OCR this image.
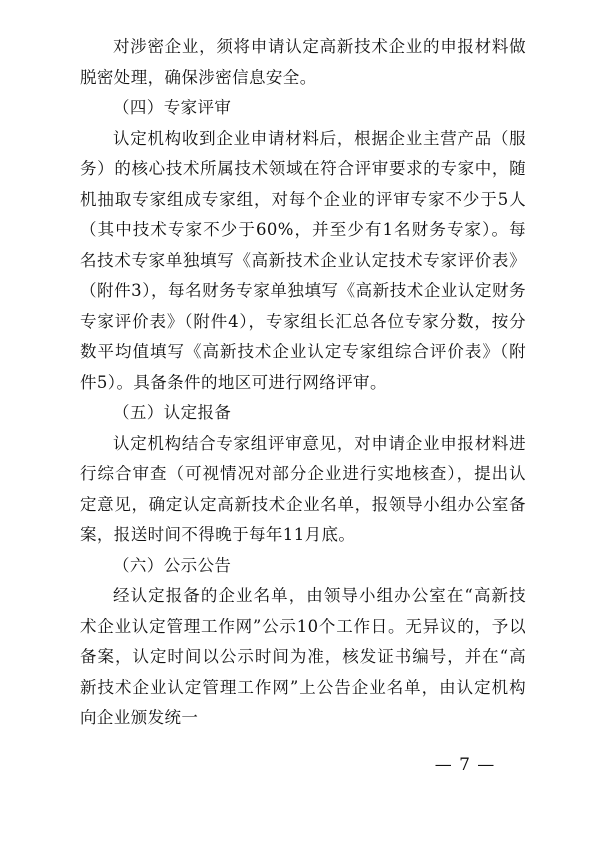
对涉密企业，须将申请认定高新技术企业的申报材料做脱密处理，确保涉密信息安全。

（四）专家评审

认定机构收到企业申请材料后，根据企业主营产品（服务）的核心技术所属技术领域在符合评审要求的专家中，随机抽取专家组成专家组，对每个企业的评审专家不少于5人（其中技术专家不少于60%，并至少有1名财务专家）。每名技术专家单独填写《高新技术企业认定技术专家评价表》（附件3），每名财务专家单独填写《高新技术企业认定财务专家评价表》（附件4），专家组长汇总各位专家分数，按分数平均值填写《高新技术企业认定专家组综合评价表》（附件5）。具备条件的地区可进行网络评审。

（五）认定报备

认定机构结合专家组评审意见，对申请企业申报材料进行综合审查（可视情况对部分企业进行实地核查），提出认定意见，确定认定高新技术企业名单，报领导小组办公室备案，报送时间不得晚于每年11月底。

（六）公示公告

经认定报备的企业名单，由领导小组办公室在“高新技术企业认定管理工作网”公示10个工作日。无异议的，予以备案，认定时间以公示时间为准，核发证书编号，并在“高新技术企业认定管理工作网”上公告企业名单，由认定机构向企业颁发统一

— 7 —
